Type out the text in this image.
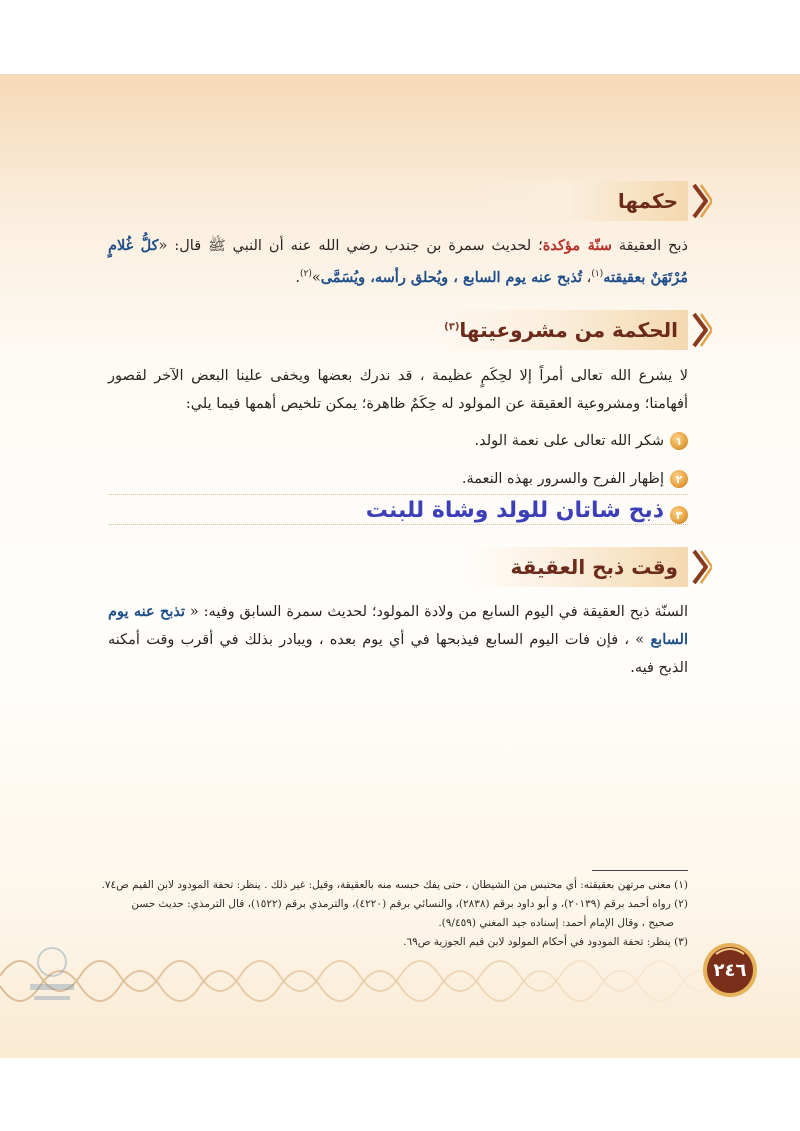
حكمها
ذبح العقيقة سنّة مؤكدة؛ لحديث سمرة بن جندب رضي الله عنه أن النبي ﷺ قال: «كلُّ غُلامٍ مُرْتَهَنٌ بعقيقته$^{(١)}$، تُذبح عنه يوم السابع ، ويُحلق رأسه، ويُسَمَّى»$^{(٢)}$.
الحكمة من مشروعيتها$^{(٣)}$
لا يشرع الله تعالى أمراً إلا لحِكَمٍ عظيمة ، قد ندرك بعضها ويخفى علينا البعض الآخر لقصور أفهامنا؛ ومشروعية العقيقة عن المولود له حِكَمٌ ظاهرة؛ يمكن تلخيص أهمها فيما يلي:
١
شكر الله تعالى على نعمة الولد.
٢
إظهار الفرح والسرور بهذه النعمة.
٣
ذبح شاتان للولد وشاة للبنت
وقت ذبح العقيقة
السنّة ذبح العقيقة في اليوم السابع من ولادة المولود؛ لحديث سمرة السابق وفيه: « تذبح عنه يوم السابع » ، فإن فات اليوم السابع فيذبحها في أي يوم بعده ، ويبادر بذلك في أقرب وقت أمكنه الذبح فيه.
(١) معنى مرتهن بعقيقته: أي محتبس من الشيطان ، حتى يفك حبسه منه بالعقيقة، وقيل: غير ذلك . ينظر: تحفة المودود لابن القيم ص٧٤.
(٢) رواه أحمد برقم (٢٠١٣٩)، و أبو داود برقم (٢٨٣٨)، والنسائي برقم (٤٢٢٠)، والترمذي برقم (١٥٢٢)، قال الترمذي: حديث حسن
صحيح ، وقال الإمام أحمد: إسناده جيد المغني (٩/٤٥٩).
(٣) ينظر: تحفة المودود في أحكام المولود لابن قيم الجوزية ص٦٩.
٢٤٦
